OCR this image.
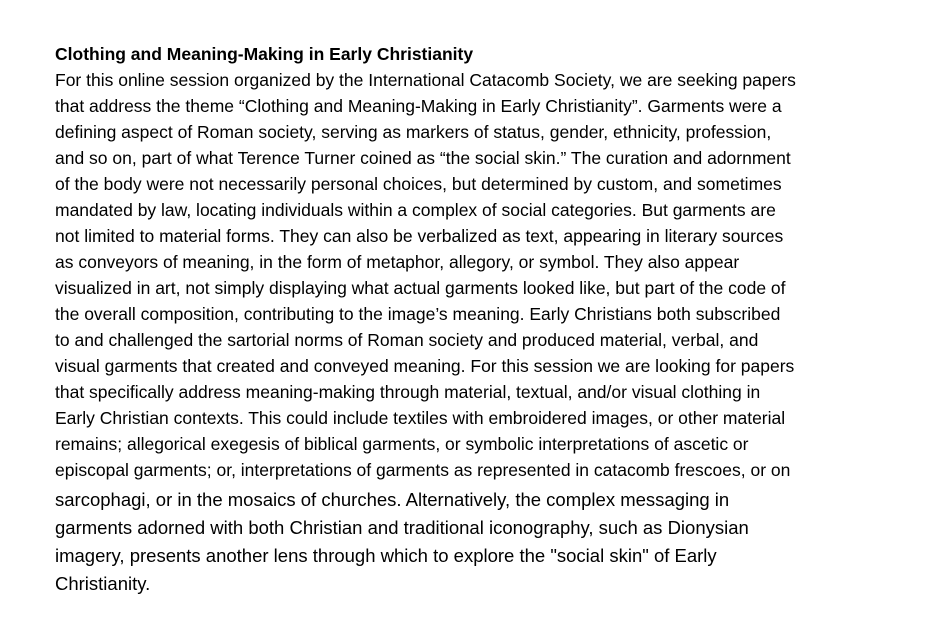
Clothing and Meaning-Making in Early Christianity
For this online session organized by the International Catacomb Society, we are seeking papers
that address the theme “Clothing and Meaning-Making in Early Christianity”. Garments were a
defining aspect of Roman society, serving as markers of status, gender, ethnicity, profession,
and so on, part of what Terence Turner coined as “the social skin.” The curation and adornment
of the body were not necessarily personal choices, but determined by custom, and sometimes
mandated by law, locating individuals within a complex of social categories. But garments are
not limited to material forms. They can also be verbalized as text, appearing in literary sources
as conveyors of meaning, in the form of metaphor, allegory, or symbol. They also appear
visualized in art, not simply displaying what actual garments looked like, but part of the code of
the overall composition, contributing to the image’s meaning. Early Christians both subscribed
to and challenged the sartorial norms of Roman society and produced material, verbal, and
visual garments that created and conveyed meaning. For this session we are looking for papers
that specifically address meaning-making through material, textual, and/or visual clothing in
Early Christian contexts. This could include textiles with embroidered images, or other material
remains; allegorical exegesis of biblical garments, or symbolic interpretations of ascetic or
episcopal garments; or, interpretations of garments as represented in catacomb frescoes, or on
sarcophagi, or in the mosaics of churches. Alternatively, the complex messaging in
garments adorned with both Christian and traditional iconography, such as Dionysian
imagery, presents another lens through which to explore the "social skin" of Early
Christianity.
